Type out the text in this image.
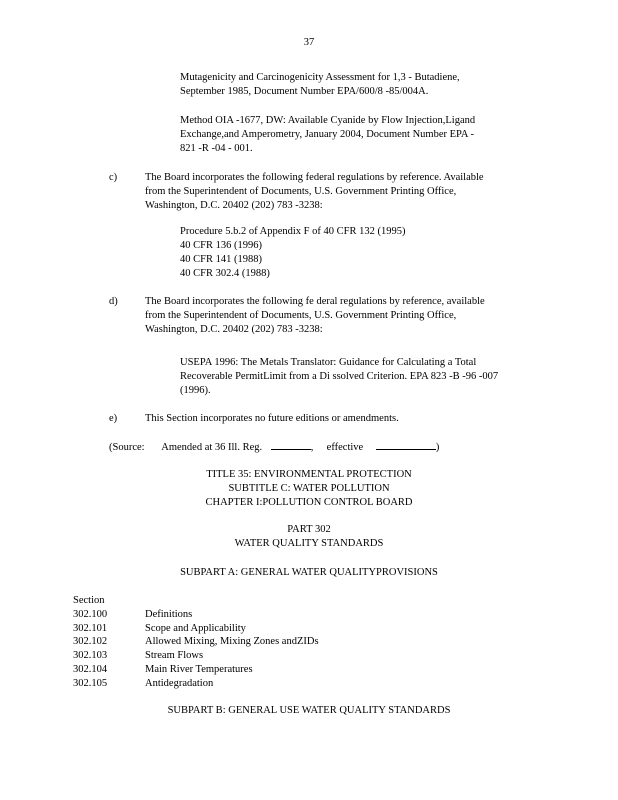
37
Mutagenicity and Carcinogenicity Assessment for 1,3 - Butadiene,
September 1985, Document Number EPA/600/8 -85/004A.
Method OIA -1677, DW: Available Cyanide by Flow Injection,Ligand
Exchange,and Amperometry, January 2004, Document Number EPA -
821 -R -04 - 001.
c)	The Board incorporates the following federal regulations by reference. Available
from the Superintendent of Documents, U.S. Government Printing Office,
Washington, D.C. 20402 (202) 783 -3238:
Procedure 5.b.2 of Appendix F of 40 CFR 132 (1995)
40 CFR 136 (1996)
40 CFR 141 (1988)
40 CFR 302.4 (1988)
d)	The Board incorporates the following fe deral regulations by reference, available
from the Superintendent of Documents, U.S. Government Printing Office,
Washington, D.C. 20402 (202) 783 -3238:
USEPA 1996: The Metals Translator: Guidance for Calculating a Total
Recoverable PermitLimit from a Di ssolved Criterion. EPA 823 -B -96 -007
(1996).
e)	This Section incorporates no future editions or amendments.
(Source: Amended at 36 Ill. Reg.	,  effective	)
TITLE 35: ENVIRONMENTAL PROTECTION
SUBTITLE C: WATER POLLUTION
CHAPTER I:POLLUTION CONTROL BOARD
PART 302
WATER QUALITY STANDARDS
SUBPART A: GENERAL WATER QUALITYPROVISIONS
Section
302.100	Definitions
302.101	Scope and Applicability
302.102	Allowed Mixing, Mixing Zones andZIDs
302.103	Stream Flows
302.104	Main River Temperatures
302.105	Antidegradation
SUBPART B: GENERAL USE WATER QUALITY STANDARDS
